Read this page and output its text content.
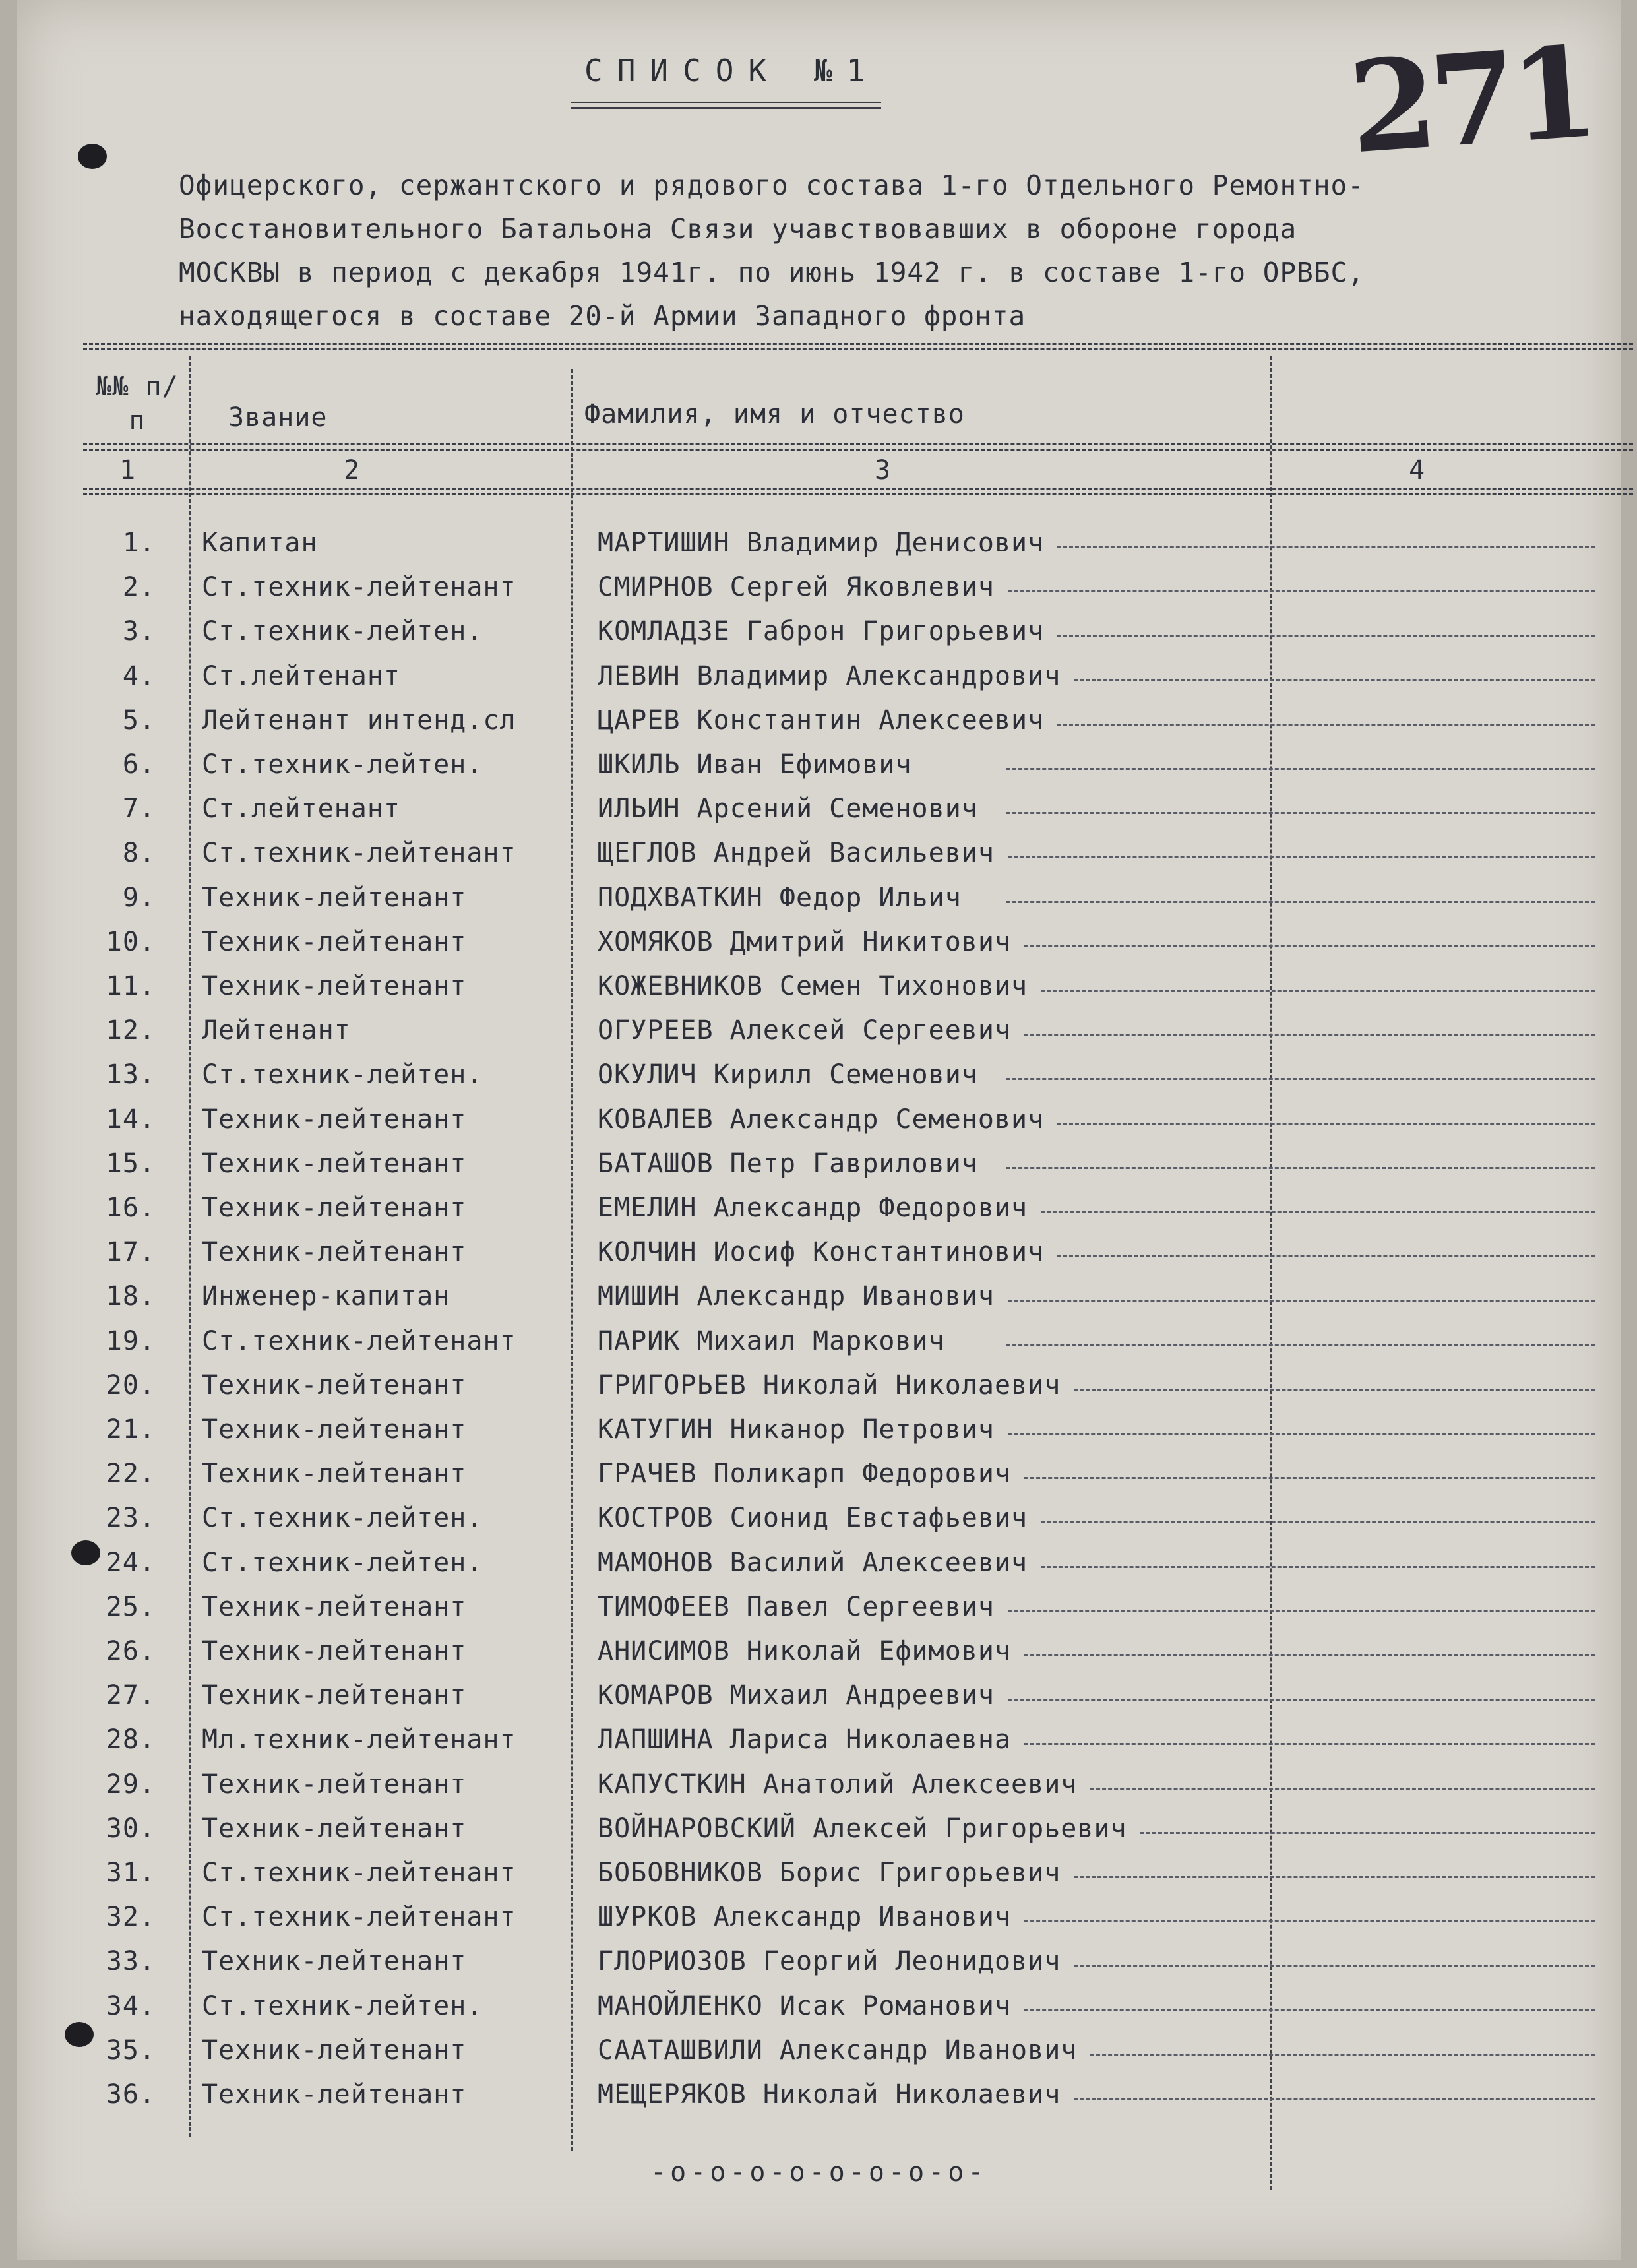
271
СПИСОК №1
Офицерского, сержантского и рядового состава 1-го Отдельного Ремонтно-
Восстановительного Батальона Связи учавствовавших в обороне города
МОСКВЫ в период с декабря 1941г. по июнь 1942 г. в составе 1-го ОРВБС,
находящегося в составе 20-й Армии Западного фронта
№№ п/п	Звание	Фамилия, имя и отчество
1	2	3	4
1. Капитан	МАРТИШИН Владимир Денисович
2. Ст.техник-лейтенант	СМИРНОВ Сергей Яковлевич
3. Ст.техник-лейтен.	КОМЛАДЗЕ Габрон Григорьевич
4. Ст.лейтенант	ЛЕВИН Владимир Александрович
5. Лейтенант интенд.сл	ЦАРЕВ Константин Алексеевич
6. Ст.техник-лейтен.	ШКИЛЬ Иван Ефимович
7. Ст.лейтенант	ИЛЬИН Арсений Семенович
8. Ст.техник-лейтенант	ЩЕГЛОВ Андрей Васильевич
9. Техник-лейтенант	ПОДХВАТКИН Федор Ильич
10. Техник-лейтенант	ХОМЯКОВ Дмитрий Никитович
11. Техник-лейтенант	КОЖЕВНИКОВ Семен Тихонович
12. Лейтенант	ОГУРЕЕВ Алексей Сергеевич
13. Ст.техник-лейтен.	ОКУЛИЧ Кирилл Семенович
14. Техник-лейтенант	КОВАЛЕВ Александр Семенович
15. Техник-лейтенант	БАТАШОВ Петр Гаврилович
16. Техник-лейтенант	ЕМЕЛИН Александр Федорович
17. Техник-лейтенант	КОЛЧИН Иосиф Константинович
18. Инженер-капитан	МИШИН Александр Иванович
19. Ст.техник-лейтенант	ПАРИК Михаил Маркович
20. Техник-лейтенант	ГРИГОРЬЕВ Николай Николаевич
21. Техник-лейтенант	КАТУГИН Никанор Петрович
22. Техник-лейтенант	ГРАЧЕВ Поликарп Федорович
23. Ст.техник-лейтен.	КОСТРОВ Сионид Евстафьевич
24. Ст.техник-лейтен.	МАМОНОВ Василий Алексеевич
25. Техник-лейтенант	ТИМОФЕЕВ Павел Сергеевич
26. Техник-лейтенант	АНИСИМОВ Николай Ефимович
27. Техник-лейтенант	КОМАРОВ Михаил Андреевич
28. Мл.техник-лейтенант	ЛАПШИНА Лариса Николаевна
29. Техник-лейтенант	КАПУСТКИН Анатолий Алексеевич
30. Техник-лейтенант	ВОЙНАРОВСКИЙ Алексей Григорьевич
31. Ст.техник-лейтенант	БОБОВНИКОВ Борис Григорьевич
32. Ст.техник-лейтенант	ШУРКОВ Александр Иванович
33. Техник-лейтенант	ГЛОРИОЗОВ Георгий Леонидович
34. Ст.техник-лейтен.	МАНОЙЛЕНКО Исак Романович
35. Техник-лейтенант	СААТАШВИЛИ Александр Иванович
36. Техник-лейтенант	МЕЩЕРЯКОВ Николай Николаевич
-о-о-о-о-о-о-о-о-
